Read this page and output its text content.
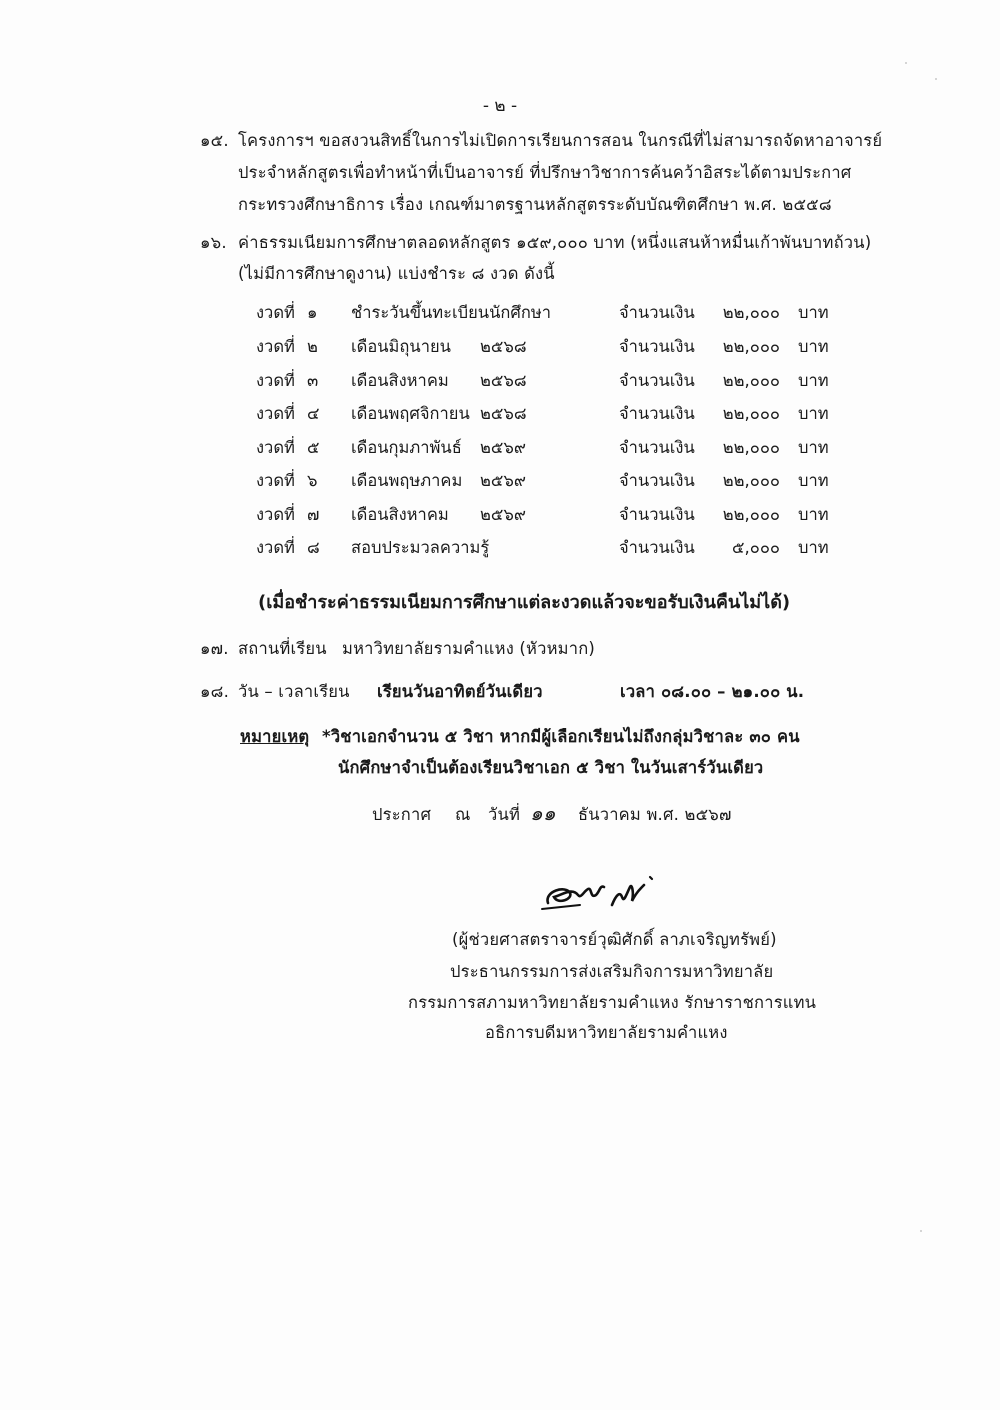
- ๒ -
๑๕. โครงการฯ ขอสงวนสิทธิ์ในการไม่เปิดการเรียนการสอน ในกรณีที่ไม่สามารถจัดหาอาจารย์
ประจำหลักสูตรเพื่อทำหน้าที่เป็นอาจารย์ ที่ปรึกษาวิชาการค้นคว้าอิสระได้ตามประกาศ
กระทรวงศึกษาธิการ เรื่อง เกณฑ์มาตรฐานหลักสูตรระดับบัณฑิตศึกษา พ.ศ. ๒๕๕๘
๑๖. ค่าธรรมเนียมการศึกษาตลอดหลักสูตร ๑๕๙,๐๐๐ บาท (หนึ่งแสนห้าหมื่นเก้าพันบาทถ้วน)
(ไม่มีการศึกษาดูงาน) แบ่งชำระ ๘ งวด ดังนี้
งวดที่ ๑ ชำระวันขึ้นทะเบียนนักศึกษา	จำนวนเงิน	๒๒,๐๐๐ บาท
งวดที่ ๒ เดือนมิถุนายน ๒๕๖๘	จำนวนเงิน	๒๒,๐๐๐ บาท
งวดที่ ๓ เดือนสิงหาคม ๒๕๖๘	จำนวนเงิน	๒๒,๐๐๐ บาท
งวดที่ ๔ เดือนพฤศจิกายน ๒๕๖๘	จำนวนเงิน	๒๒,๐๐๐ บาท
งวดที่ ๕ เดือนกุมภาพันธ์ ๒๕๖๙	จำนวนเงิน	๒๒,๐๐๐ บาท
งวดที่ ๖ เดือนพฤษภาคม ๒๕๖๙	จำนวนเงิน	๒๒,๐๐๐ บาท
งวดที่ ๗ เดือนสิงหาคม ๒๕๖๙	จำนวนเงิน	๒๒,๐๐๐ บาท
งวดที่ ๘ สอบประมวลความรู้	จำนวนเงิน	๕,๐๐๐ บาท
(เมื่อชำระค่าธรรมเนียมการศึกษาแต่ละงวดแล้วจะขอรับเงินคืนไม่ได้)
๑๗. สถานที่เรียน มหาวิทยาลัยรามคำแหง (หัวหมาก)
๑๘. วัน – เวลาเรียน เรียนวันอาทิตย์วันเดียว	เวลา ๐๘.๐๐ – ๒๑.๐๐ น.
หมายเหตุ *วิชาเอกจำนวน ๕ วิชา หากมีผู้เลือกเรียนไม่ถึงกลุ่มวิชาละ ๓๐ คน
นักศึกษาจำเป็นต้องเรียนวิชาเอก ๕ วิชา ในวันเสาร์วันเดียว
ประกาศ ณ วันที่ ๑๑ ธันวาคม พ.ศ. ๒๕๖๗
(ผู้ช่วยศาสตราจารย์วุฒิศักดิ์ ลาภเจริญทรัพย์)
ประธานกรรมการส่งเสริมกิจการมหาวิทยาลัย
กรรมการสภามหาวิทยาลัยรามคำแหง รักษาราชการแทน
อธิการบดีมหาวิทยาลัยรามคำแหง
